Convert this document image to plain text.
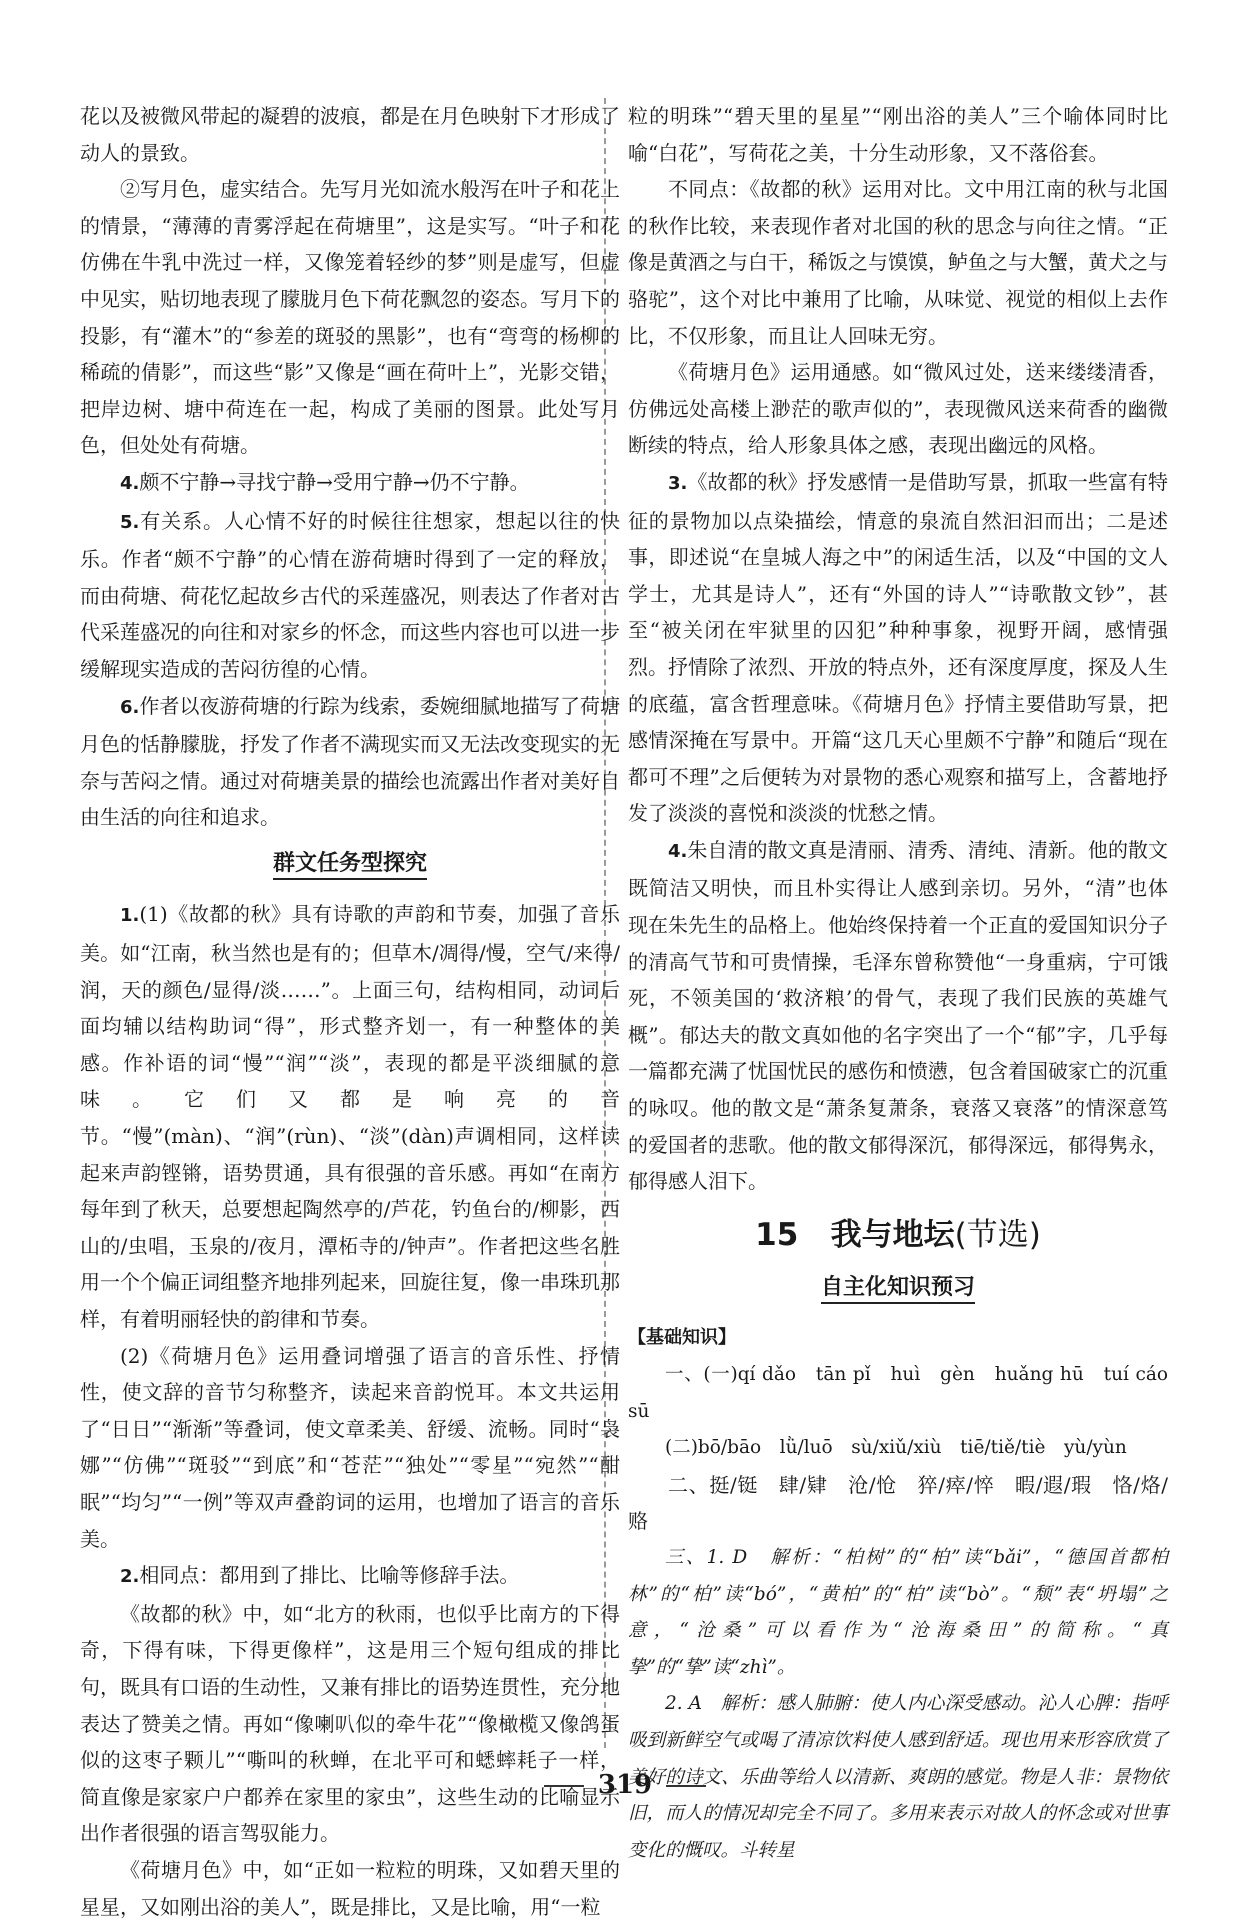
花以及被微风带起的凝碧的波痕，都是在月色映射下才形成了动人的景致。

②写月色，虚实结合。先写月光如流水般泻在叶子和花上的情景，“薄薄的青雾浮起在荷塘里”，这是实写。“叶子和花仿佛在牛乳中洗过一样，又像笼着轻纱的梦”则是虚写，但虚中见实，贴切地表现了朦胧月色下荷花飘忽的姿态。写月下的投影，有“灌木”的“参差的斑驳的黑影”，也有“弯弯的杨柳的稀疏的倩影”，而这些“影”又像是“画在荷叶上”，光影交错，把岸边树、塘中荷连在一起，构成了美丽的图景。此处写月色，但处处有荷塘。

4.颇不宁静→寻找宁静→受用宁静→仍不宁静。

5.有关系。人心情不好的时候往往想家，想起以往的快乐。作者“颇不宁静”的心情在游荷塘时得到了一定的释放，而由荷塘、荷花忆起故乡古代的采莲盛况，则表达了作者对古代采莲盛况的向往和对家乡的怀念，而这些内容也可以进一步缓解现实造成的苦闷彷徨的心情。

6.作者以夜游荷塘的行踪为线索，委婉细腻地描写了荷塘月色的恬静朦胧，抒发了作者不满现实而又无法改变现实的无奈与苦闷之情。通过对荷塘美景的描绘也流露出作者对美好自由生活的向往和追求。

群文任务型探究

1.(1)《故都的秋》具有诗歌的声韵和节奏，加强了音乐美。如“江南，秋当然也是有的；但草木/凋得/慢，空气/来得/润，天的颜色/显得/淡……”。上面三句，结构相同，动词后面均辅以结构助词“得”，形式整齐划一，有一种整体的美感。作补语的词“慢”“润”“淡”，表现的都是平淡细腻的意味。它们又都是响亮的音节。“慢”(màn)、“润”(rùn)、“淡”(dàn)声调相同，这样读起来声韵铿锵，语势贯通，具有很强的音乐感。再如“在南方每年到了秋天，总要想起陶然亭的/芦花，钓鱼台的/柳影，西山的/虫唱，玉泉的/夜月，潭柘寺的/钟声”。作者把这些名胜用一个个偏正词组整齐地排列起来，回旋往复，像一串珠玑那样，有着明丽轻快的韵律和节奏。

(2)《荷塘月色》运用叠词增强了语言的音乐性、抒情性，使文辞的音节匀称整齐，读起来音韵悦耳。本文共运用了“日日”“渐渐”等叠词，使文章柔美、舒缓、流畅。同时“袅娜”“仿佛”“斑驳”“到底”和“苍茫”“独处”“零星”“宛然”“酣眠”“均匀”“一例”等双声叠韵词的运用，也增加了语言的音乐美。

2.相同点：都用到了排比、比喻等修辞手法。

《故都的秋》中，如“北方的秋雨，也似乎比南方的下得奇，下得有味，下得更像样”，这是用三个短句组成的排比句，既具有口语的生动性，又兼有排比的语势连贯性，充分地表达了赞美之情。再如“像喇叭似的牵牛花”“像橄榄又像鸽蛋似的这枣子颗儿”“嘶叫的秋蝉，在北平可和蟋蟀耗子一样，简直像是家家户户都养在家里的家虫”，这些生动的比喻显示出作者很强的语言驾驭能力。

《荷塘月色》中，如“正如一粒粒的明珠，又如碧天里的星星，又如刚出浴的美人”，既是排比，又是比喻，用“一粒

粒的明珠”“碧天里的星星”“刚出浴的美人”三个喻体同时比喻“白花”，写荷花之美，十分生动形象，又不落俗套。

不同点：《故都的秋》运用对比。文中用江南的秋与北国的秋作比较，来表现作者对北国的秋的思念与向往之情。“正像是黄酒之与白干，稀饭之与馍馍，鲈鱼之与大蟹，黄犬之与骆驼”，这个对比中兼用了比喻，从味觉、视觉的相似上去作比，不仅形象，而且让人回味无穷。

《荷塘月色》运用通感。如“微风过处，送来缕缕清香，仿佛远处高楼上渺茫的歌声似的”，表现微风送来荷香的幽微断续的特点，给人形象具体之感，表现出幽远的风格。

3.《故都的秋》抒发感情一是借助写景，抓取一些富有特征的景物加以点染描绘，情意的泉流自然汩汩而出；二是述事，即述说“在皇城人海之中”的闲适生活，以及“中国的文人学士，尤其是诗人”，还有“外国的诗人”“诗歌散文钞”，甚至“被关闭在牢狱里的囚犯”种种事象，视野开阔，感情强烈。抒情除了浓烈、开放的特点外，还有深度厚度，探及人生的底蕴，富含哲理意味。《荷塘月色》抒情主要借助写景，把感情深掩在写景中。开篇“这几天心里颇不宁静”和随后“现在都可不理”之后便转为对景物的悉心观察和描写上，含蓄地抒发了淡淡的喜悦和淡淡的忧愁之情。

4.朱自清的散文真是清丽、清秀、清纯、清新。他的散文既简洁又明快，而且朴实得让人感到亲切。另外，“清”也体现在朱先生的品格上。他始终保持着一个正直的爱国知识分子的清高气节和可贵情操，毛泽东曾称赞他“一身重病，宁可饿死，不领美国的‘救济粮’的骨气，表现了我们民族的英雄气概”。郁达夫的散文真如他的名字突出了一个“郁”字，几乎每一篇都充满了忧国忧民的感伤和愤懑，包含着国破家亡的沉重的咏叹。他的散文是“萧条复萧条，衰落又衰落”的情深意笃的爱国者的悲歌。他的散文郁得深沉，郁得深远，郁得隽永，郁得感人泪下。

15 我与地坛(节选)
自主化知识预习

【基础知识】

一、(一)qí dǎo　tān pǐ　huì　gèn　huǎng hū　tuí cáo　sū

(二)bō/bāo　lǜ/luō　sù/xiǔ/xiù　tiē/tiě/tiè　yù/yùn

二、挺/铤　肆/肄　沧/怆　猝/瘁/悴　暇/遐/瑕　恪/烙/赂

三、1. D　解析：“柏树”的“柏”读“bǎi”，“德国首都柏林”的“柏”读“bó”，“黄柏”的“柏”读“bò”。“颓”表“坍塌”之意，“沧桑”可以看作为“沧海桑田”的简称。“真挚”的“挚”读“zhì”。

2. A　解析：感人肺腑：使人内心深受感动。沁人心脾：指呼吸到新鲜空气或喝了清凉饮料使人感到舒适。现也用来形容欣赏了美好的诗文、乐曲等给人以清新、爽朗的感觉。物是人非：景物依旧，而人的情况却完全不同了。多用来表示对故人的怀念或对世事变化的慨叹。斗转星

319
